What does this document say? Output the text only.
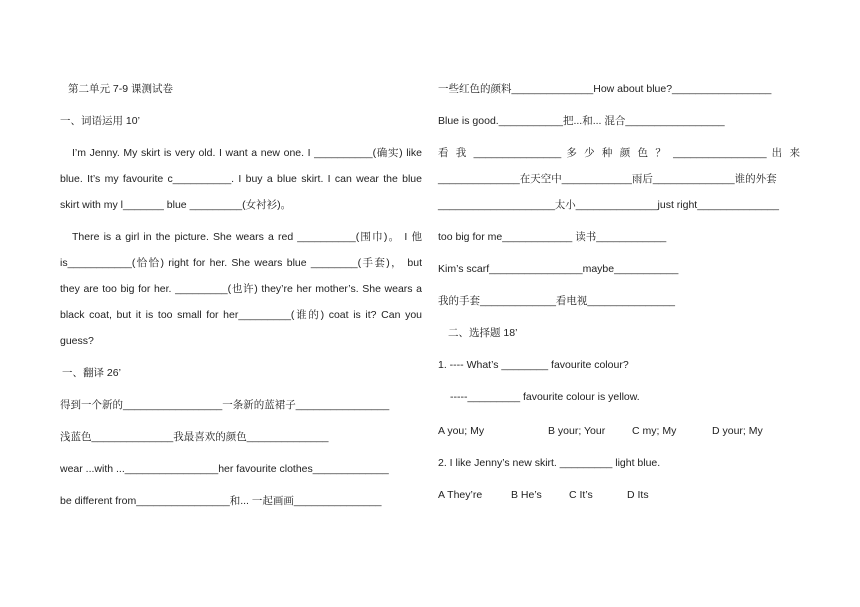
第二单元 7-9 课测试卷
一、词语运用 10’
I’m Jenny. My skirt is very old. I want a new one. I __________(确实) like
blue. It’s my favourite c__________. I buy a blue skirt. I can wear the blue
skirt with my l_______ blue _________(女衬衫)。
There is a girl in the picture. She wears a red __________(围巾)。 I 他
is___________(恰恰) right for her. She wears blue ________(手套)， but
they are too big for her. _________(也许) they’re her mother’s. She wears a
black coat, but it is too small for her_________(谁的) coat is it? Can you
guess?
一、翻译 26’
得到一个新的_________________一条新的蓝裙子________________
浅蓝色______________我最喜欢的颜色______________
wear ...with ...________________her favourite clothes_____________
be different from________________和... 一起画画_______________
一些红色的颜料______________How about blue?_________________
Blue is good.___________把...和... 混合_________________
看 我 _______________ 多 少 种 颜 色 ？ ________________ 出 来
______________在天空中____________雨后______________谁的外套
____________________太小______________just right______________
too big for me____________ 读书____________
Kim’s scarf________________maybe___________
我的手套_____________看电视_______________
二、选择题 18’
1. ---- What’s ________ favourite colour?
-----_________ favourite colour is yellow.
A you; My	B your; Your	C my; My	D your; My
2. I like Jenny’s new skirt. _________ light blue.
A They’re	B He’s	C It’s	D Its
